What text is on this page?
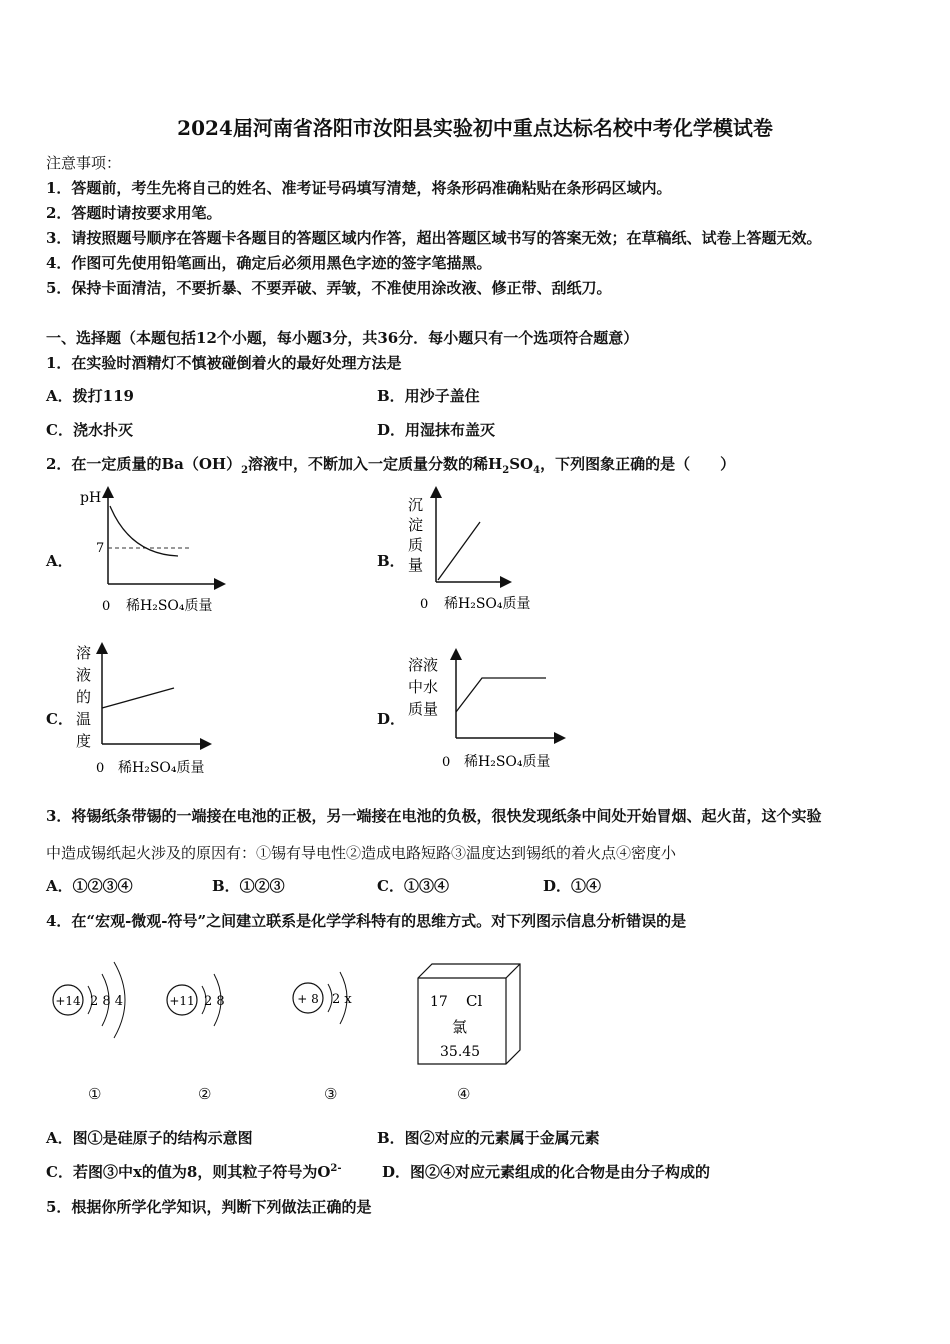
2024届河南省洛阳市汝阳县实验初中重点达标名校中考化学模试卷
注意事项：
1．答题前，考生先将自己的姓名、准考证号码填写清楚，将条形码准确粘贴在条形码区域内。
2．答题时请按要求用笔。
3．请按照题号顺序在答题卡各题目的答题区域内作答，超出答题区域书写的答案无效；在草稿纸、试卷上答题无效。
4．作图可先使用铅笔画出，确定后必须用黑色字迹的签字笔描黑。
5．保持卡面清洁，不要折暴、不要弄破、弄皱，不准使用涂改液、修正带、刮纸刀。
一、选择题（本题包括12个小题，每小题3分，共36分．每小题只有一个选项符合题意）
1．在实验时酒精灯不慎被碰倒着火的最好处理方法是
A．拨打119	B．用沙子盖住
C．浇水扑灭	D．用湿抹布盖灭
2．在一定质量的$Ba(OH)_2$溶液中，不断加入一定质量分数的稀$H_2SO_4$，下列图象正确的是（　　）
A．
pH
7
0 稀H₂SO₄质量
B．
沉
淀
质
量
0 稀H₂SO₄质量
C．
溶
液
的
温
度
0 稀H₂SO₄质量
D．
溶液
中水
质量
0 稀H₂SO₄质量
3．将锡纸条带锡的一端接在电池的正极，另一端接在电池的负极，很快发现纸条中间处开始冒烟、起火苗，这个实验
中造成锡纸起火涉及的原因有：①锡有导电性②造成电路短路③温度达到锡纸的着火点④密度小
A．①②③④	B．①②③	C．①③④	D．①④
4．在“宏观-微观-符号”之间建立联系是化学学科特有的思维方式。对下列图示信息分析错误的是
+14 2 8 4
①
+11 2 8
②
+ 8 2 x
③
17 Cl
氯
35.45
④
A．图①是硅原子的结构示意图	B．图②对应的元素属于金属元素
C．若图③中x的值为8，则其粒子符号为$O^{2-}$	D．图②④对应元素组成的化合物是由分子构成的
5．根据你所学化学知识，判断下列做法正确的是
